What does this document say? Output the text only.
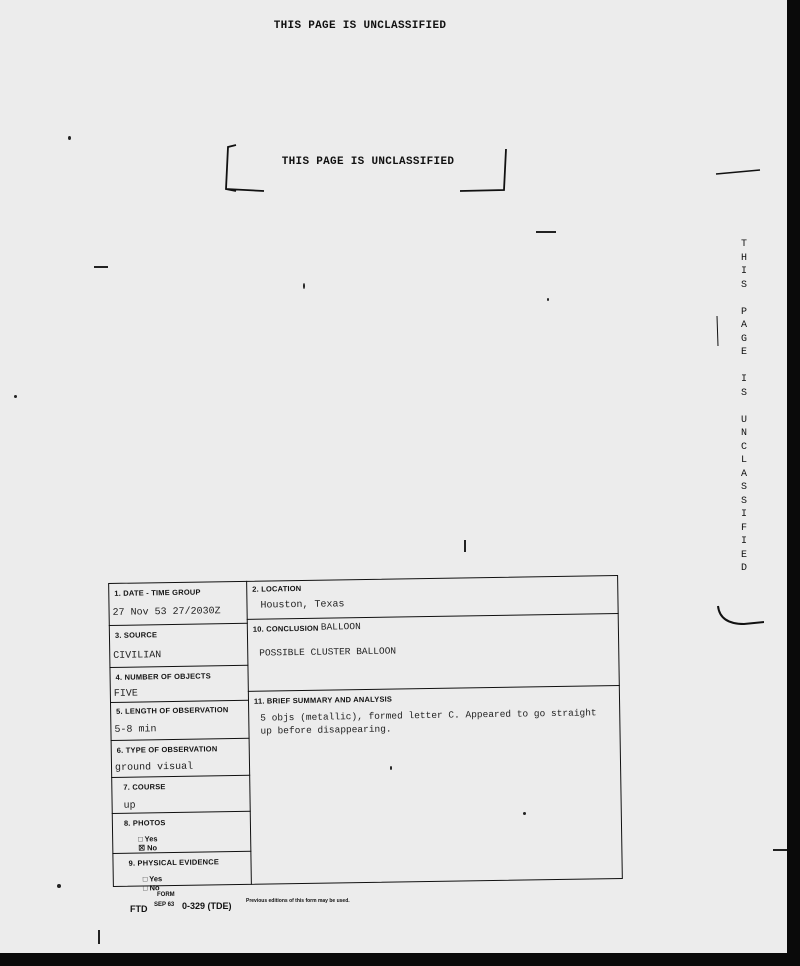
THIS PAGE IS UNCLASSIFIED
THIS PAGE IS UNCLASSIFIED
T
H
I
S
P
A
G
E
I
S
U
N
C
L
A
S
S
I
F
I
E
D
1. DATE - TIME GROUP
27 Nov 53 27/2030Z
3. SOURCE
CIVILIAN
4. NUMBER OF OBJECTS
FIVE
5. LENGTH OF OBSERVATION
5-8 min
6. TYPE OF OBSERVATION
ground visual
7. COURSE
up
8. PHOTOS
□ Yes
☒ No
9. PHYSICAL EVIDENCE
□ Yes
□ No
2. LOCATION
Houston, Texas
10. CONCLUSION BALLOON
POSSIBLE CLUSTER BALLOON
11. BRIEF SUMMARY AND ANALYSIS
5 objs (metallic), formed letter C. Appeared to go straight
up before disappearing.
FORM
FTD SEP 63 0-329 (TDE)	Previous editions of this form may be used.
